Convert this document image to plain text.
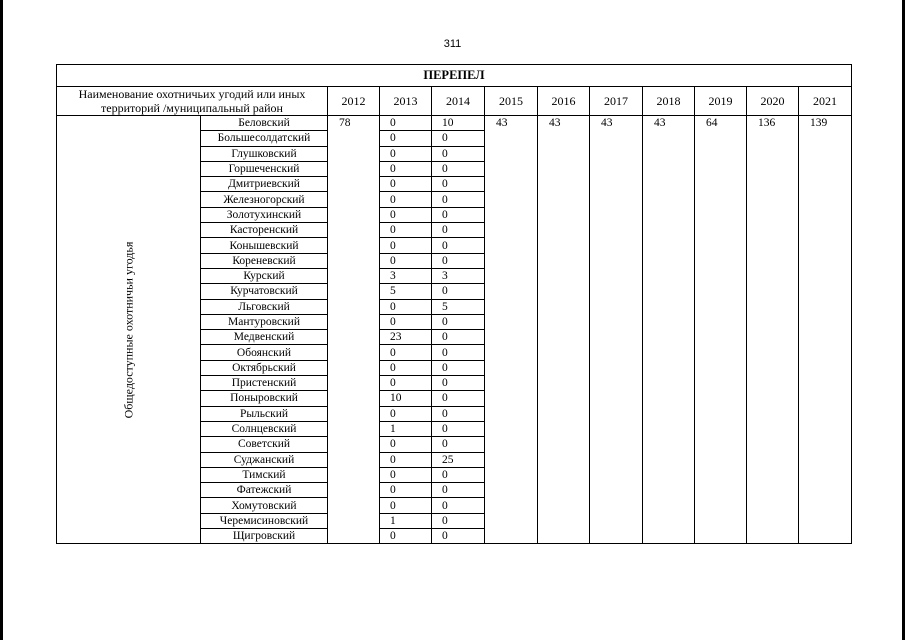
311
ПЕРЕПЕЛ											
Наименование охотничьих угодий или иных территорий /муниципальный район		2012	2013	2014	2015	2016	2017	2018	2019	2020	2021

Общедоступные охотничьи угодья	Беловский	78	0	10	43	43	43	43	64	136	139
	Большесолдатский		0	0							
	Глушковский		0	0							
	Горшеченский		0	0							
	Дмитриевский		0	0							
	Железногорский		0	0							
	Золотухинский		0	0							
	Касторенский		0	0							
	Конышевский		0	0							
	Кореневский		0	0							
	Курский		3	3							
	Курчатовский		5	0							
	Льговский		0	5							
	Мантуровский		0	0							
	Медвенский		23	0							
	Обоянский		0	0							
	Октябрьский		0	0							
	Пристенский		0	0							
	Поныровский		10	0							
	Рыльский		0	0							
	Солнцевский		1	0							
	Советский		0	0							
	Суджанский		0	25							
	Тимский		0	0							
	Фатежский		0	0							
	Хомутовский		0	0							
	Черемисиновский		1	0							
	Щигровский		0	0							
